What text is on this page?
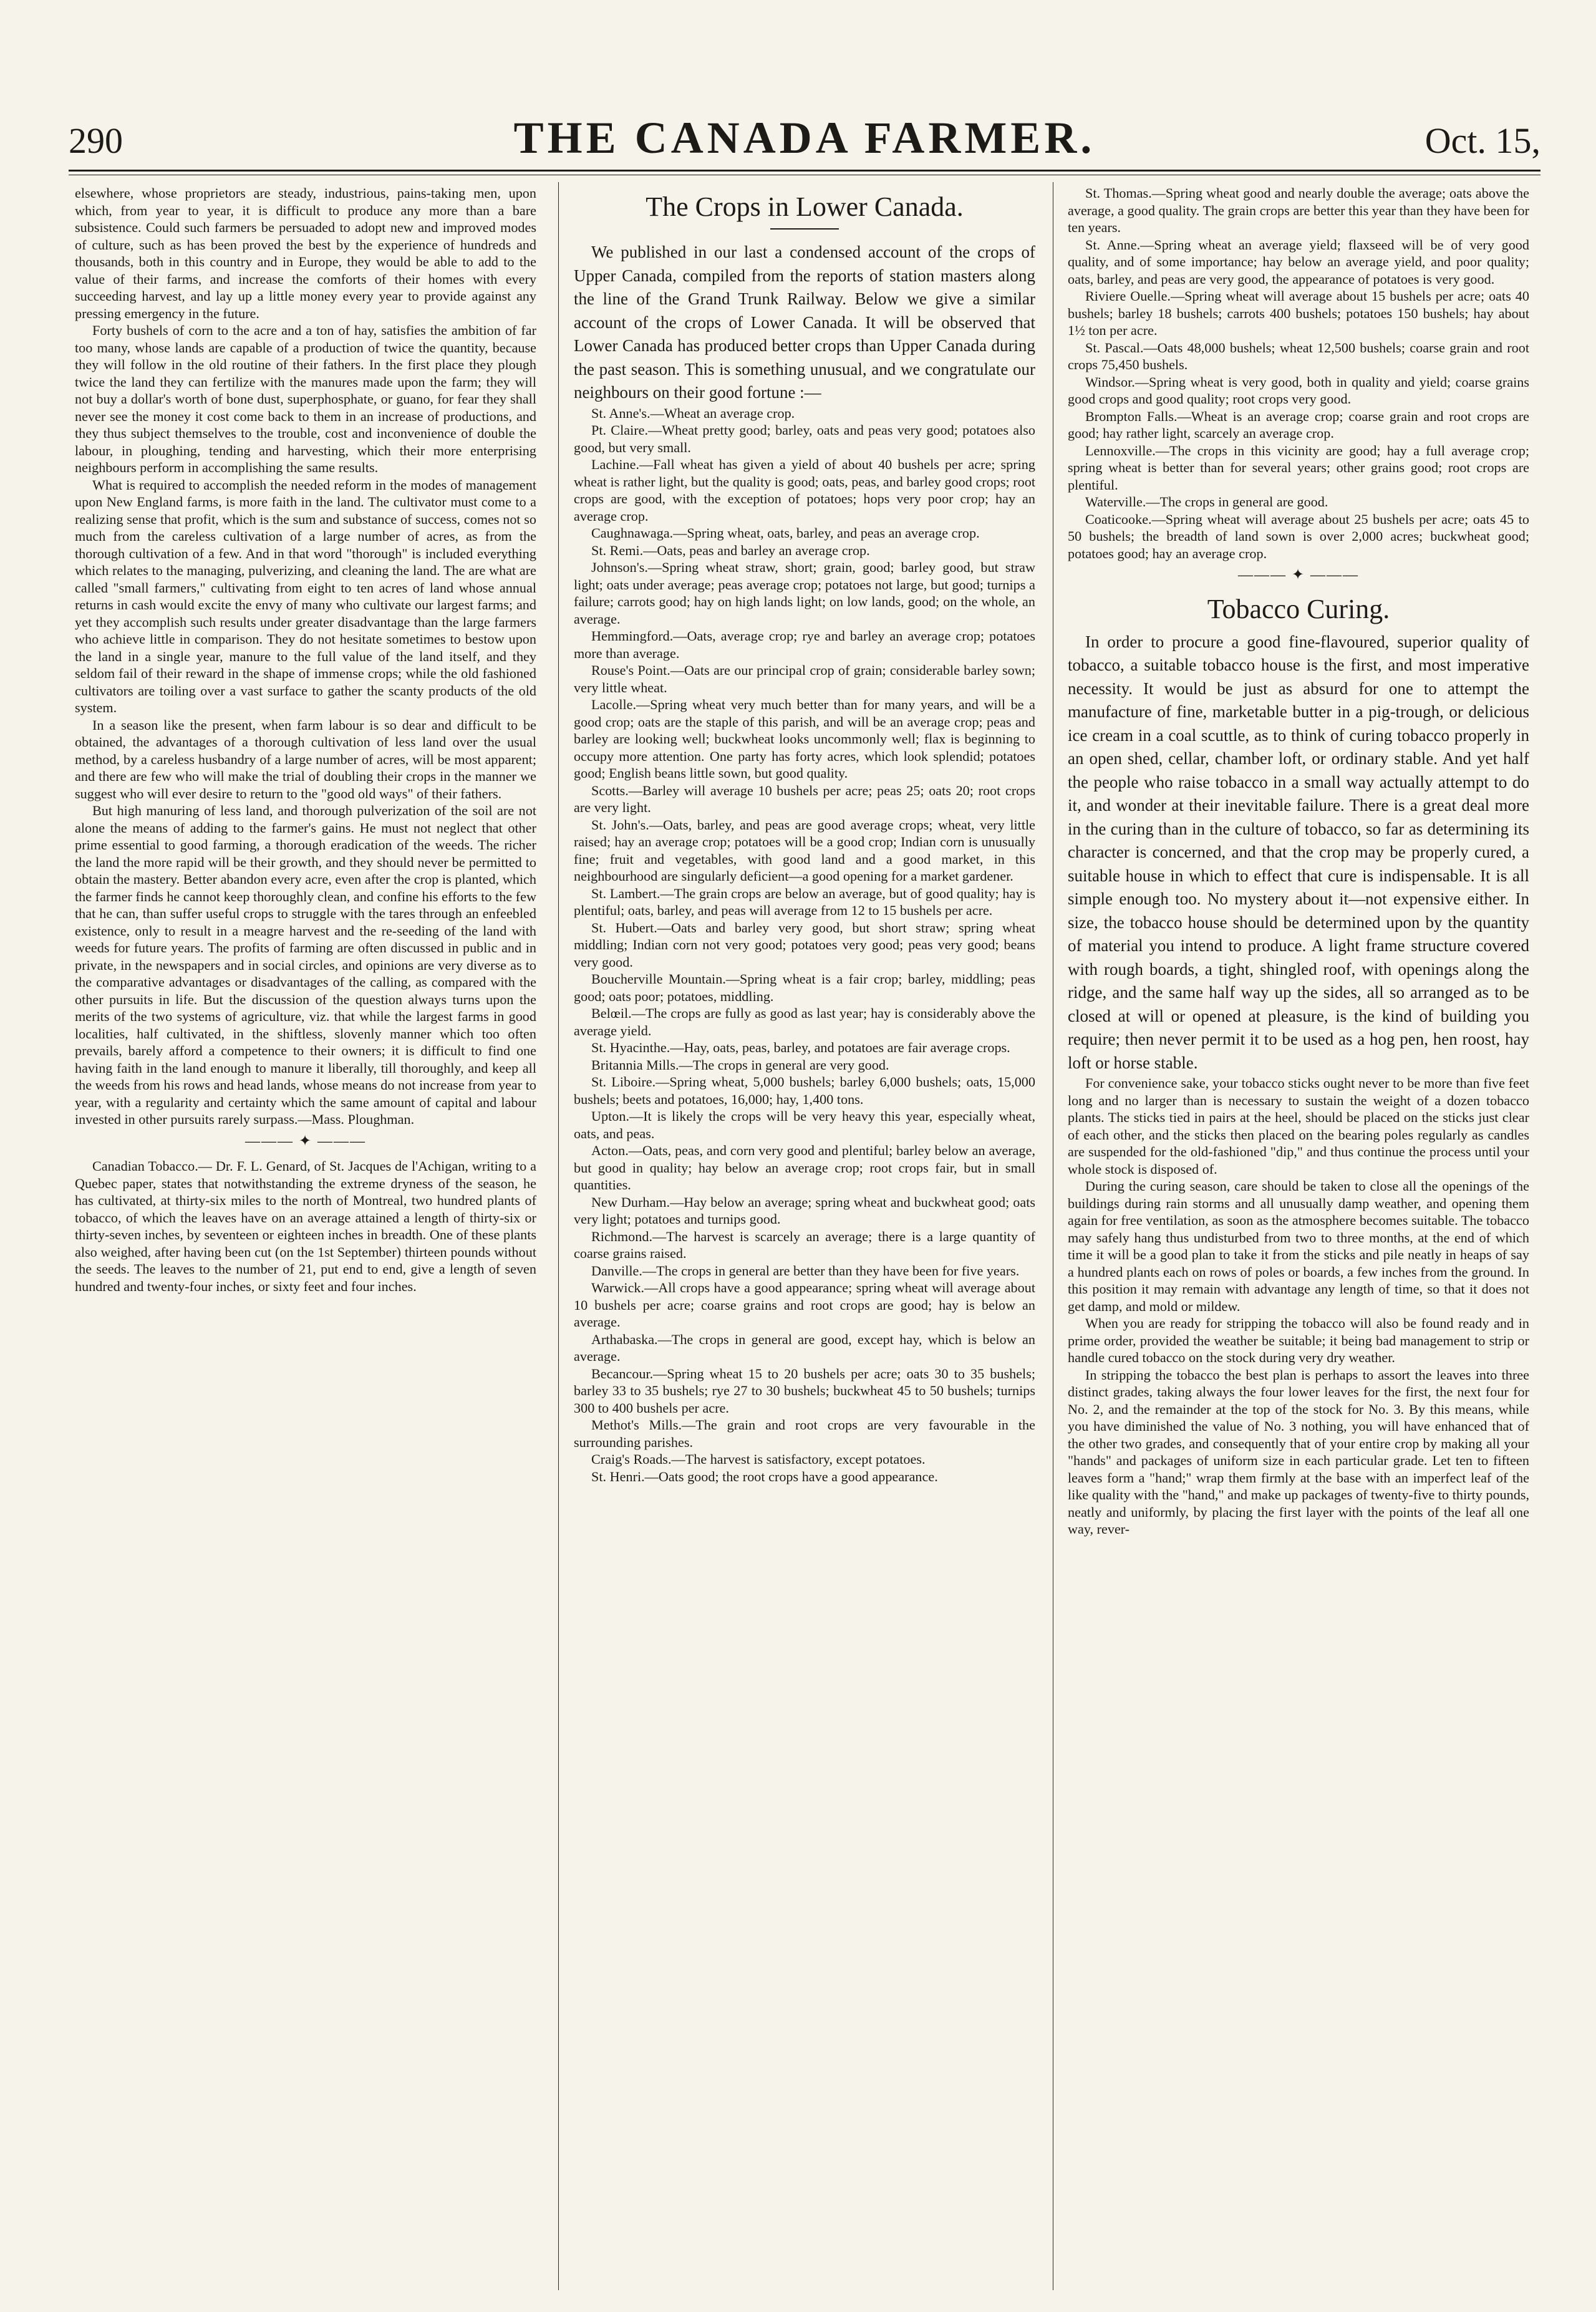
290	THE CANADA FARMER.	Oct. 15,

elsewhere, whose proprietors are steady, industrious, pains-taking men, upon which, from year to year, it is difficult to produce any more than a bare subsistence. Could such farmers be persuaded to adopt new and improved modes of culture, such as has been proved the best by the experience of hundreds and thousands, both in this country and in Europe, they would be able to add to the value of their farms, and increase the comforts of their homes with every succeeding harvest, and lay up a little money every year to provide against any pressing emergency in the future.

Forty bushels of corn to the acre and a ton of hay, satisfies the ambition of far too many, whose lands are capable of a production of twice the quantity, because they will follow in the old routine of their fathers. In the first place they plough twice the land they can fertilize with the manures made upon the farm; they will not buy a dollar's worth of bone dust, superphosphate, or guano, for fear they shall never see the money it cost come back to them in an increase of productions, and they thus subject themselves to the trouble, cost and inconvenience of double the labour, in ploughing, tending and harvesting, which their more enterprising neighbours perform in accomplishing the same results.

What is required to accomplish the needed reform in the modes of management upon New England farms, is more faith in the land. The cultivator must come to a realizing sense that profit, which is the sum and substance of success, comes not so much from the careless cultivation of a large number of acres, as from the thorough cultivation of a few. And in that word "thorough" is included everything which relates to the managing, pulverizing, and cleaning the land. The are what are called "small farmers," cultivating from eight to ten acres of land whose annual returns in cash would excite the envy of many who cultivate our largest farms; and yet they accomplish such results under greater disadvantage than the large farmers who achieve little in comparison. They do not hesitate sometimes to bestow upon the land in a single year, manure to the full value of the land itself, and they seldom fail of their reward in the shape of immense crops; while the old fashioned cultivators are toiling over a vast surface to gather the scanty products of the old system.

In a season like the present, when farm labour is so dear and difficult to be obtained, the advantages of a thorough cultivation of less land over the usual method, by a careless husbandry of a large number of acres, will be most apparent; and there are few who will make the trial of doubling their crops in the manner we suggest who will ever desire to return to the "good old ways" of their fathers.

But high manuring of less land, and thorough pulverization of the soil are not alone the means of adding to the farmer's gains. He must not neglect that other prime essential to good farming, a thorough eradication of the weeds. The richer the land the more rapid will be their growth, and they should never be permitted to obtain the mastery. Better abandon every acre, even after the crop is planted, which the farmer finds he cannot keep thoroughly clean, and confine his efforts to the few that he can, than suffer useful crops to struggle with the tares through an enfeebled existence, only to result in a meagre harvest and the re-seeding of the land with weeds for future years. The profits of farming are often discussed in public and in private, in the newspapers and in social circles, and opinions are very diverse as to the comparative advantages or disadvantages of the calling, as compared with the other pursuits in life. But the discussion of the question always turns upon the merits of the two systems of agriculture, viz. that while the largest farms in good localities, half cultivated, in the shiftless, slovenly manner which too often prevails, barely afford a competence to their owners; it is difficult to find one having faith in the land enough to manure it liberally, till thoroughly, and keep all the weeds from his rows and head lands, whose means do not increase from year to year, with a regularity and certainty which the same amount of capital and labour invested in other pursuits rarely surpass.—Mass. Ploughman.

——— ✦ ———

Canadian Tobacco.— Dr. F. L. Genard, of St. Jacques de l'Achigan, writing to a Quebec paper, states that notwithstanding the extreme dryness of the season, he has cultivated, at thirty-six miles to the north of Montreal, two hundred plants of tobacco, of which the leaves have on an average attained a length of thirty-six or thirty-seven inches, by seventeen or eighteen inches in breadth. One of these plants also weighed, after having been cut (on the 1st September) thirteen pounds without the seeds. The leaves to the number of 21, put end to end, give a length of seven hundred and twenty-four inches, or sixty feet and four inches.

The Crops in Lower Canada.

We published in our last a condensed account of the crops of Upper Canada, compiled from the reports of station masters along the line of the Grand Trunk Railway. Below we give a similar account of the crops of Lower Canada. It will be observed that Lower Canada has produced better crops than Upper Canada during the past season. This is something unusual, and we congratulate our neighbours on their good fortune :—

St. Anne's.—Wheat an average crop.

Pt. Claire.—Wheat pretty good; barley, oats and peas very good; potatoes also good, but very small.

Lachine.—Fall wheat has given a yield of about 40 bushels per acre; spring wheat is rather light, but the quality is good; oats, peas, and barley good crops; root crops are good, with the exception of potatoes; hops very poor crop; hay an average crop.

Caughnawaga.—Spring wheat, oats, barley, and peas an average crop.

St. Remi.—Oats, peas and barley an average crop.

Johnson's.—Spring wheat straw, short; grain, good; barley good, but straw light; oats under average; peas average crop; potatoes not large, but good; turnips a failure; carrots good; hay on high lands light; on low lands, good; on the whole, an average.

Hemmingford.—Oats, average crop; rye and barley an average crop; potatoes more than average.

Rouse's Point.—Oats are our principal crop of grain; considerable barley sown; very little wheat.

Lacolle.—Spring wheat very much better than for many years, and will be a good crop; oats are the staple of this parish, and will be an average crop; peas and barley are looking well; buckwheat looks uncommonly well; flax is beginning to occupy more attention. One party has forty acres, which look splendid; potatoes good; English beans little sown, but good quality.

Scotts.—Barley will average 10 bushels per acre; peas 25; oats 20; root crops are very light.

St. John's.—Oats, barley, and peas are good average crops; wheat, very little raised; hay an average crop; potatoes will be a good crop; Indian corn is unusually fine; fruit and vegetables, with good land and a good market, in this neighbourhood are singularly deficient—a good opening for a market gardener.

St. Lambert.—The grain crops are below an average, but of good quality; hay is plentiful; oats, barley, and peas will average from 12 to 15 bushels per acre.

St. Hubert.—Oats and barley very good, but short straw; spring wheat middling; Indian corn not very good; potatoes very good; peas very good; beans very good.

Boucherville Mountain.—Spring wheat is a fair crop; barley, middling; peas good; oats poor; potatoes, middling.

Belœil.—The crops are fully as good as last year; hay is considerably above the average yield.

St. Hyacinthe.—Hay, oats, peas, barley, and potatoes are fair average crops.

Britannia Mills.—The crops in general are very good.

St. Liboire.—Spring wheat, 5,000 bushels; barley 6,000 bushels; oats, 15,000 bushels; beets and potatoes, 16,000; hay, 1,400 tons.

Upton.—It is likely the crops will be very heavy this year, especially wheat, oats, and peas.

Acton.—Oats, peas, and corn very good and plentiful; barley below an average, but good in quality; hay below an average crop; root crops fair, but in small quantities.

New Durham.—Hay below an average; spring wheat and buckwheat good; oats very light; potatoes and turnips good.

Richmond.—The harvest is scarcely an average; there is a large quantity of coarse grains raised.

Danville.—The crops in general are better than they have been for five years.

Warwick.—All crops have a good appearance; spring wheat will average about 10 bushels per acre; coarse grains and root crops are good; hay is below an average.

Arthabaska.—The crops in general are good, except hay, which is below an average.

Becancour.—Spring wheat 15 to 20 bushels per acre; oats 30 to 35 bushels; barley 33 to 35 bushels; rye 27 to 30 bushels; buckwheat 45 to 50 bushels; turnips 300 to 400 bushels per acre.

Methot's Mills.—The grain and root crops are very favourable in the surrounding parishes.

Craig's Roads.—The harvest is satisfactory, except potatoes.

St. Henri.—Oats good; the root crops have a good appearance.

St. Thomas.—Spring wheat good and nearly double the average; oats above the average, a good quality. The grain crops are better this year than they have been for ten years.

St. Anne.—Spring wheat an average yield; flaxseed will be of very good quality, and of some importance; hay below an average yield, and poor quality; oats, barley, and peas are very good, the appearance of potatoes is very good.

Riviere Ouelle.—Spring wheat will average about 15 bushels per acre; oats 40 bushels; barley 18 bushels; carrots 400 bushels; potatoes 150 bushels; hay about 1½ ton per acre.

St. Pascal.—Oats 48,000 bushels; wheat 12,500 bushels; coarse grain and root crops 75,450 bushels.

Windsor.—Spring wheat is very good, both in quality and yield; coarse grains good crops and good quality; root crops very good.

Brompton Falls.—Wheat is an average crop; coarse grain and root crops are good; hay rather light, scarcely an average crop.

Lennoxville.—The crops in this vicinity are good; hay a full average crop; spring wheat is better than for several years; other grains good; root crops are plentiful.

Waterville.—The crops in general are good.

Coaticooke.—Spring wheat will average about 25 bushels per acre; oats 45 to 50 bushels; the breadth of land sown is over 2,000 acres; buckwheat good; potatoes good; hay an average crop.

——— ✦ ———
Tobacco Curing.

In order to procure a good fine-flavoured, superior quality of tobacco, a suitable tobacco house is the first, and most imperative necessity. It would be just as absurd for one to attempt the manufacture of fine, marketable butter in a pig-trough, or delicious ice cream in a coal scuttle, as to think of curing tobacco properly in an open shed, cellar, chamber loft, or ordinary stable. And yet half the people who raise tobacco in a small way actually attempt to do it, and wonder at their inevitable failure. There is a great deal more in the curing than in the culture of tobacco, so far as determining its character is concerned, and that the crop may be properly cured, a suitable house in which to effect that cure is indispensable. It is all simple enough too. No mystery about it—not expensive either. In size, the tobacco house should be determined upon by the quantity of material you intend to produce. A light frame structure covered with rough boards, a tight, shingled roof, with openings along the ridge, and the same half way up the sides, all so arranged as to be closed at will or opened at pleasure, is the kind of building you require; then never permit it to be used as a hog pen, hen roost, hay loft or horse stable.

For convenience sake, your tobacco sticks ought never to be more than five feet long and no larger than is necessary to sustain the weight of a dozen tobacco plants. The sticks tied in pairs at the heel, should be placed on the sticks just clear of each other, and the sticks then placed on the bearing poles regularly as candles are suspended for the old-fashioned "dip," and thus continue the process until your whole stock is disposed of.

During the curing season, care should be taken to close all the openings of the buildings during rain storms and all unusually damp weather, and opening them again for free ventilation, as soon as the atmosphere becomes suitable. The tobacco may safely hang thus undisturbed from two to three months, at the end of which time it will be a good plan to take it from the sticks and pile neatly in heaps of say a hundred plants each on rows of poles or boards, a few inches from the ground. In this position it may remain with advantage any length of time, so that it does not get damp, and mold or mildew.

When you are ready for stripping the tobacco will also be found ready and in prime order, provided the weather be suitable; it being bad management to strip or handle cured tobacco on the stock during very dry weather.

In stripping the tobacco the best plan is perhaps to assort the leaves into three distinct grades, taking always the four lower leaves for the first, the next four for No. 2, and the remainder at the top of the stock for No. 3. By this means, while you have diminished the value of No. 3 nothing, you will have enhanced that of the other two grades, and consequently that of your entire crop by making all your "hands" and packages of uniform size in each particular grade. Let ten to fifteen leaves form a "hand;" wrap them firmly at the base with an imperfect leaf of the like quality with the "hand," and make up packages of twenty-five to thirty pounds, neatly and uniformly, by placing the first layer with the points of the leaf all one way, rever-
